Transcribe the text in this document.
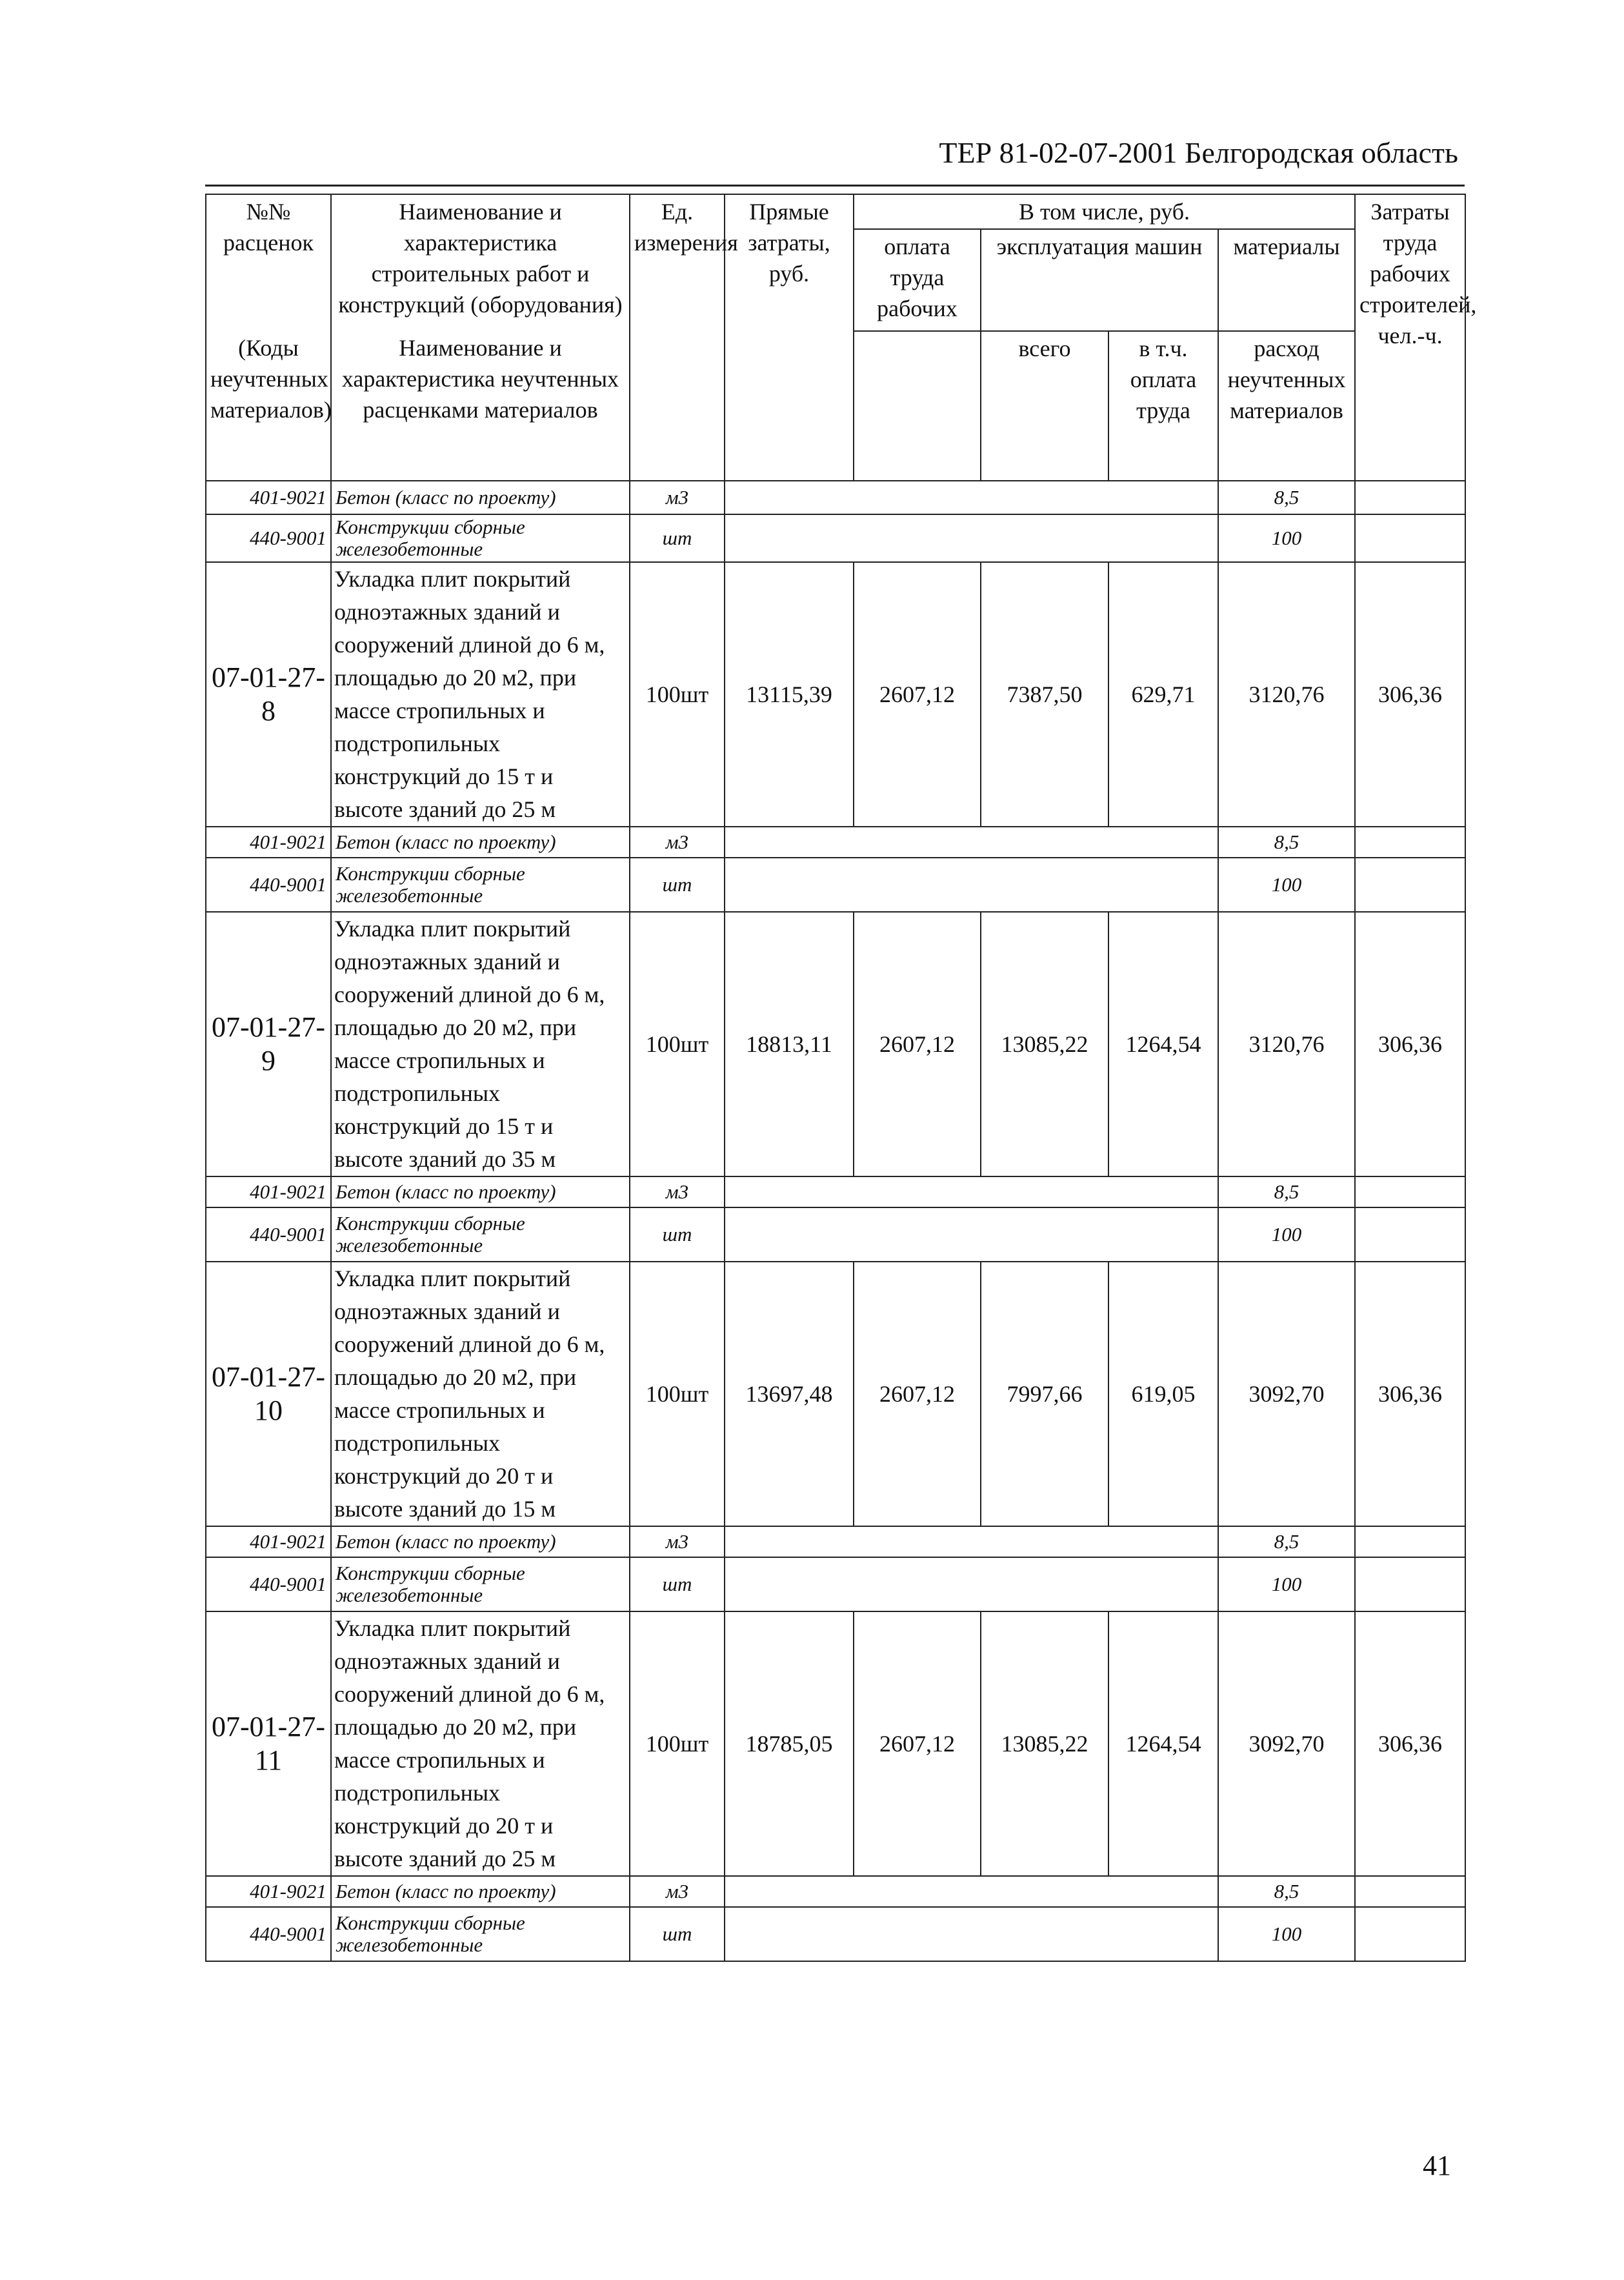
ТЕР 81-02-07-2001 Белгородская область
№№ расценок	Наименование и характеристика строительных работ и конструкций (оборудования)	Ед. измерения	Прямые затраты, руб.	В том числе, руб.				Затраты труда рабочих строителей, чел.-ч.
				оплата труда рабочих	эксплуатация машин		материалы	

(Коды неучтенных материалов)	Наименование и характеристика неучтенных расценками материалов				всего	в т.ч. оплата труда	расход неучтенных материалов	

401-9021	Бетон (класс по проекту)	м3					8,5	
440-9001	Конструкции сборные железобетонные	шт					100	
07-01-27-8	Укладка плит покрытий одноэтажных зданий и сооружений длиной до 6 м, площадью до 20 м2, при массе стропильных и подстропильных конструкций до 15 т и высоте зданий до 25 м	100шт	13115,39	2607,12	7387,50	629,71	3120,76	306,36
401-9021	Бетон (класс по проекту)	м3					8,5	
440-9001	Конструкции сборные железобетонные	шт					100	
07-01-27-9	Укладка плит покрытий одноэтажных зданий и сооружений длиной до 6 м, площадью до 20 м2, при массе стропильных и подстропильных конструкций до 15 т и высоте зданий до 35 м	100шт	18813,11	2607,12	13085,22	1264,54	3120,76	306,36
401-9021	Бетон (класс по проекту)	м3					8,5	
440-9001	Конструкции сборные железобетонные	шт					100	
07-01-27-10	Укладка плит покрытий одноэтажных зданий и сооружений длиной до 6 м, площадью до 20 м2, при массе стропильных и подстропильных конструкций до 20 т и высоте зданий до 15 м	100шт	13697,48	2607,12	7997,66	619,05	3092,70	306,36
401-9021	Бетон (класс по проекту)	м3					8,5	
440-9001	Конструкции сборные железобетонные	шт					100	
07-01-27-11	Укладка плит покрытий одноэтажных зданий и сооружений длиной до 6 м, площадью до 20 м2, при массе стропильных и подстропильных конструкций до 20 т и высоте зданий до 25 м	100шт	18785,05	2607,12	13085,22	1264,54	3092,70	306,36
401-9021	Бетон (класс по проекту)	м3					8,5	
440-9001	Конструкции сборные железобетонные	шт					100	
41
